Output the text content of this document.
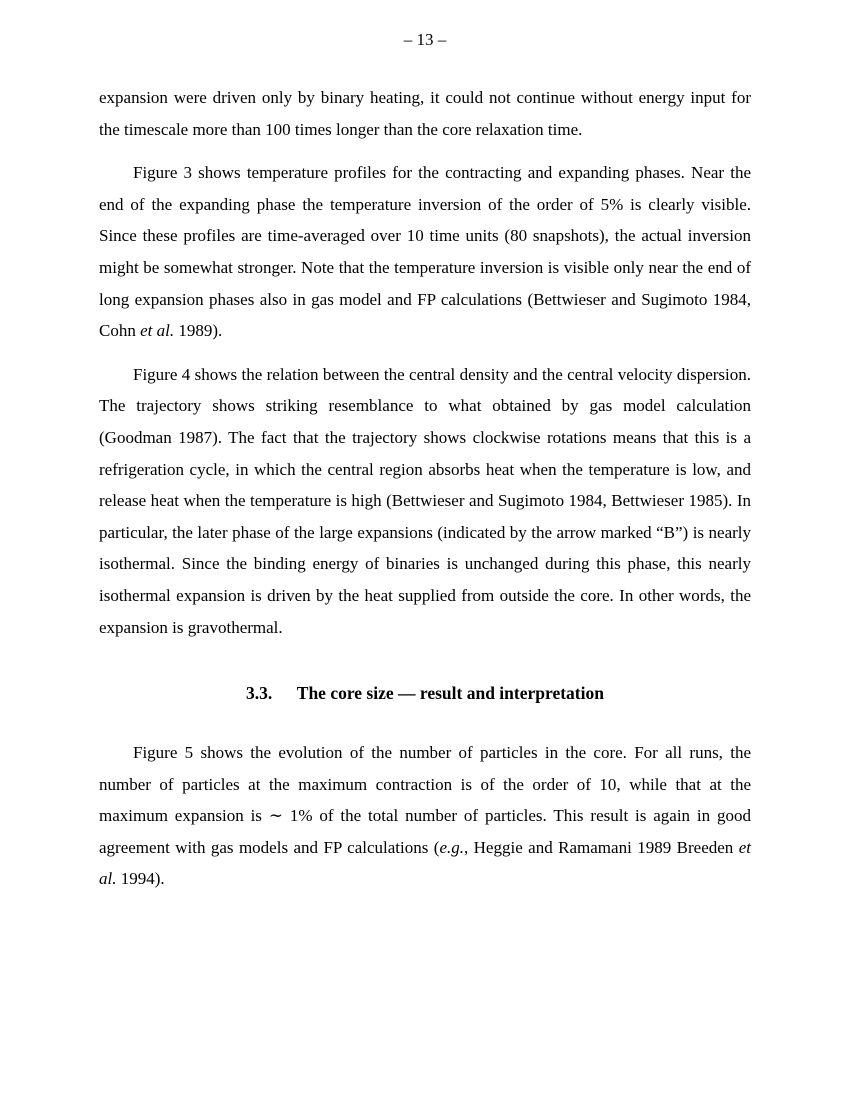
– 13 –

expansion were driven only by binary heating, it could not continue without energy input for the timescale more than 100 times longer than the core relaxation time.

Figure 3 shows temperature profiles for the contracting and expanding phases. Near the end of the expanding phase the temperature inversion of the order of 5% is clearly visible. Since these profiles are time-averaged over 10 time units (80 snapshots), the actual inversion might be somewhat stronger. Note that the temperature inversion is visible only near the end of long expansion phases also in gas model and FP calculations (Bettwieser and Sugimoto 1984, Cohn et al. 1989).

Figure 4 shows the relation between the central density and the central velocity dispersion. The trajectory shows striking resemblance to what obtained by gas model calculation (Goodman 1987). The fact that the trajectory shows clockwise rotations means that this is a refrigeration cycle, in which the central region absorbs heat when the temperature is low, and release heat when the temperature is high (Bettwieser and Sugimoto 1984, Bettwieser 1985). In particular, the later phase of the large expansions (indicated by the arrow marked “B”) is nearly isothermal. Since the binding energy of binaries is unchanged during this phase, this nearly isothermal expansion is driven by the heat supplied from outside the core. In other words, the expansion is gravothermal.

3.3. The core size — result and interpretation

Figure 5 shows the evolution of the number of particles in the core. For all runs, the number of particles at the maximum contraction is of the order of 10, while that at the maximum expansion is ∼ 1% of the total number of particles. This result is again in good agreement with gas models and FP calculations (e.g., Heggie and Ramamani 1989 Breeden et al. 1994).
